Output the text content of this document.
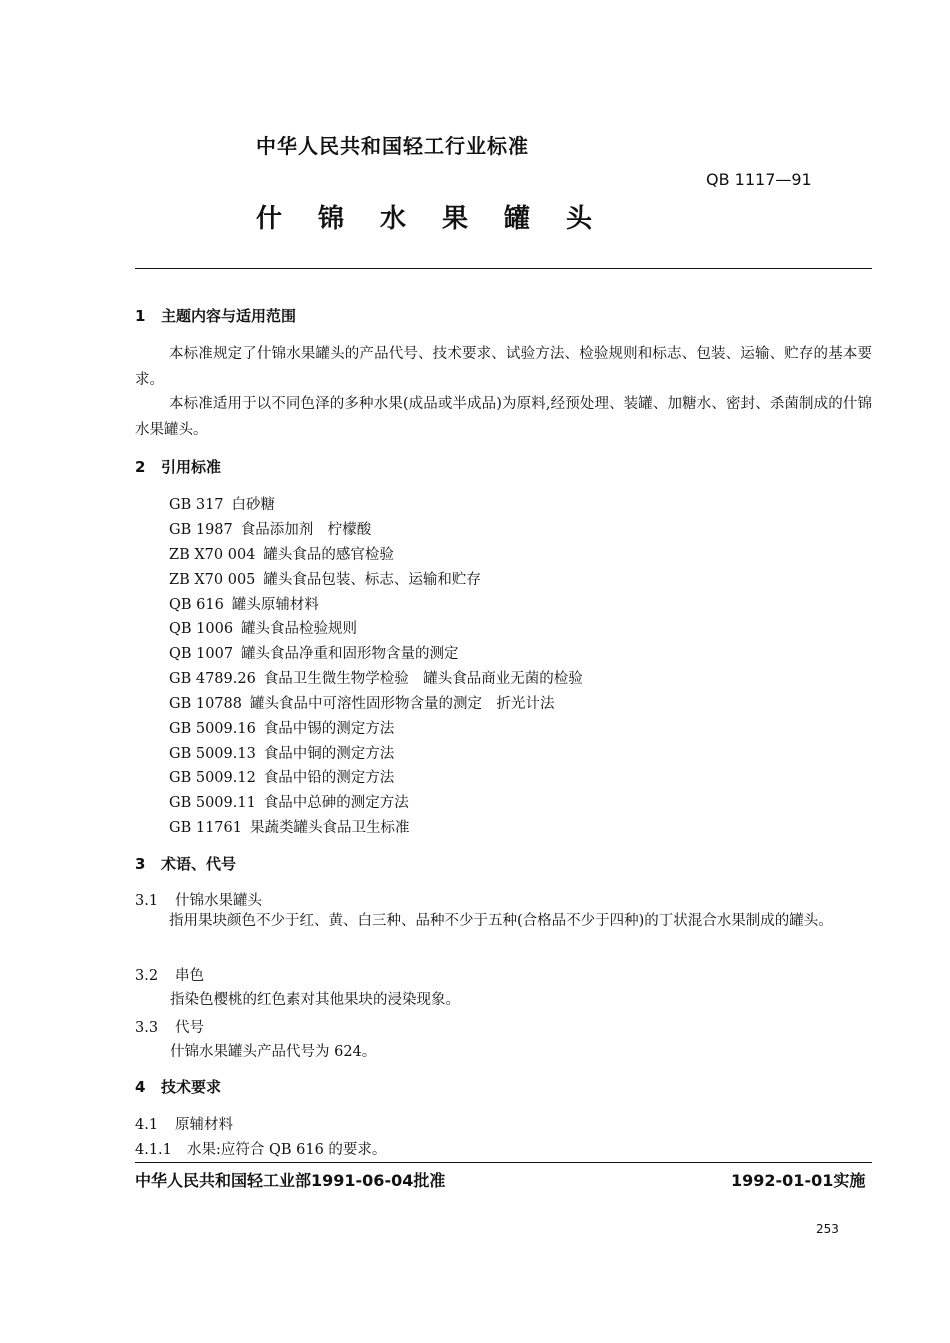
中华人民共和国轻工行业标准
QB 1117—91
什锦水果罐头
1 主题内容与适用范围
本标准规定了什锦水果罐头的产品代号、技术要求、试验方法、检验规则和标志、包装、运输、贮存的基本要求。
本标准适用于以不同色泽的多种水果(成品或半成品)为原料,经预处理、装罐、加糖水、密封、杀菌制成的什锦水果罐头。
2 引用标准
GB 317 白砂糖
GB 1987 食品添加剂　柠檬酸
ZB X70 004 罐头食品的感官检验
ZB X70 005 罐头食品包装、标志、运输和贮存
QB 616 罐头原辅材料
QB 1006 罐头食品检验规则
QB 1007 罐头食品净重和固形物含量的测定
GB 4789.26 食品卫生微生物学检验　罐头食品商业无菌的检验
GB 10788 罐头食品中可溶性固形物含量的测定　折光计法
GB 5009.16 食品中锡的测定方法
GB 5009.13 食品中铜的测定方法
GB 5009.12 食品中铅的测定方法
GB 5009.11 食品中总砷的测定方法
GB 11761 果蔬类罐头食品卫生标准
3 术语、代号
3.1 什锦水果罐头
指用果块颜色不少于红、黄、白三种、品种不少于五种(合格品不少于四种)的丁状混合水果制成的罐头。
3.2 串色
指染色樱桃的红色素对其他果块的浸染现象。
3.3 代号
什锦水果罐头产品代号为 624。
4 技术要求
4.1 原辅材料
4.1.1 水果:应符合 QB 616 的要求。
中华人民共和国轻工业部1991-06-04批准	1992-01-01实施
253
